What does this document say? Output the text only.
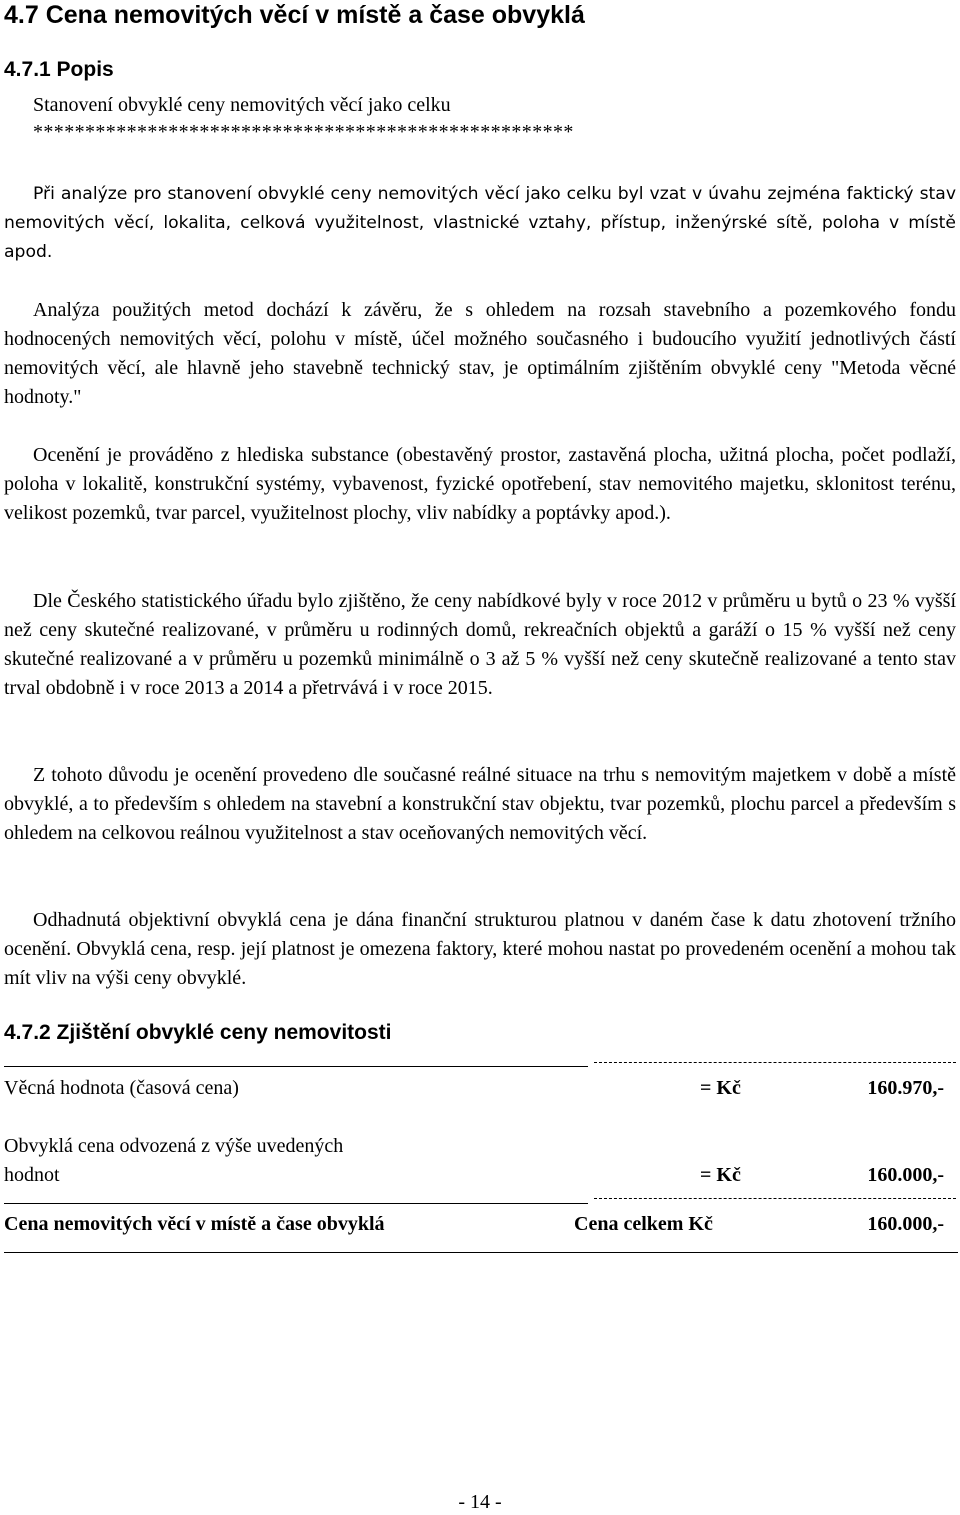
4.7 Cena nemovitých věcí v místě a čase obvyklá
4.7.1 Popis
Stanovení obvyklé ceny nemovitých věcí jako celku
****************************************************
Při analýze pro stanovení obvyklé ceny nemovitých věcí jako celku byl vzat v úvahu zejména faktický stav nemovitých věcí, lokalita, celková využitelnost, vlastnické vztahy, přístup, inženýrské sítě, poloha v místě apod.
Analýza použitých metod dochází k závěru, že s ohledem na rozsah stavebního a pozemkového fondu hodnocených nemovitých věcí, polohu v místě, účel možného současného i budoucího využití jednotlivých částí nemovitých věcí, ale hlavně jeho stavebně technický stav, je optimálním zjištěním obvyklé ceny "Metoda věcné hodnoty."
Ocenění je prováděno z hlediska substance (obestavěný prostor, zastavěná plocha, užitná plocha, počet podlaží, poloha v lokalitě, konstrukční systémy, vybavenost, fyzické opotřebení, stav nemovitého majetku, sklonitost terénu, velikost pozemků, tvar parcel, využitelnost plochy, vliv nabídky a poptávky apod.).
Dle Českého statistického úřadu bylo zjištěno, že ceny nabídkové byly v roce 2012 v průměru u bytů o 23 % vyšší než ceny skutečné realizované, v průměru u rodinných domů, rekreačních objektů a garáží o 15 % vyšší než ceny skutečné realizované a v průměru u pozemků minimálně o 3 až 5 % vyšší než ceny skutečně realizované a tento stav trval obdobně i v roce 2013 a 2014 a přetrvává i v roce 2015.
Z tohoto důvodu je ocenění provedeno dle současné reálné situace na trhu s nemovitým majetkem v době a místě obvyklé, a to především s ohledem na stavební a konstrukční stav objektu, tvar pozemků, plochu parcel a především s ohledem na celkovou reálnou využitelnost a stav oceňovaných nemovitých věcí.
Odhadnutá objektivní obvyklá cena je dána finanční strukturou platnou v daném čase k datu zhotovení tržního ocenění. Obvyklá cena, resp. její platnost je omezena faktory, které mohou nastat po provedeném ocenění a mohou tak mít vliv na výši ceny obvyklé.
4.7.2 Zjištění obvyklé ceny nemovitosti
Věcná hodnota (časová cena)	= Kč	160.970,-
Obvyklá cena odvozená z výše uvedených
hodnot	= Kč	160.000,-
Cena nemovitých věcí v místě a čase obvyklá	Cena celkem Kč	160.000,-
- 14 -
